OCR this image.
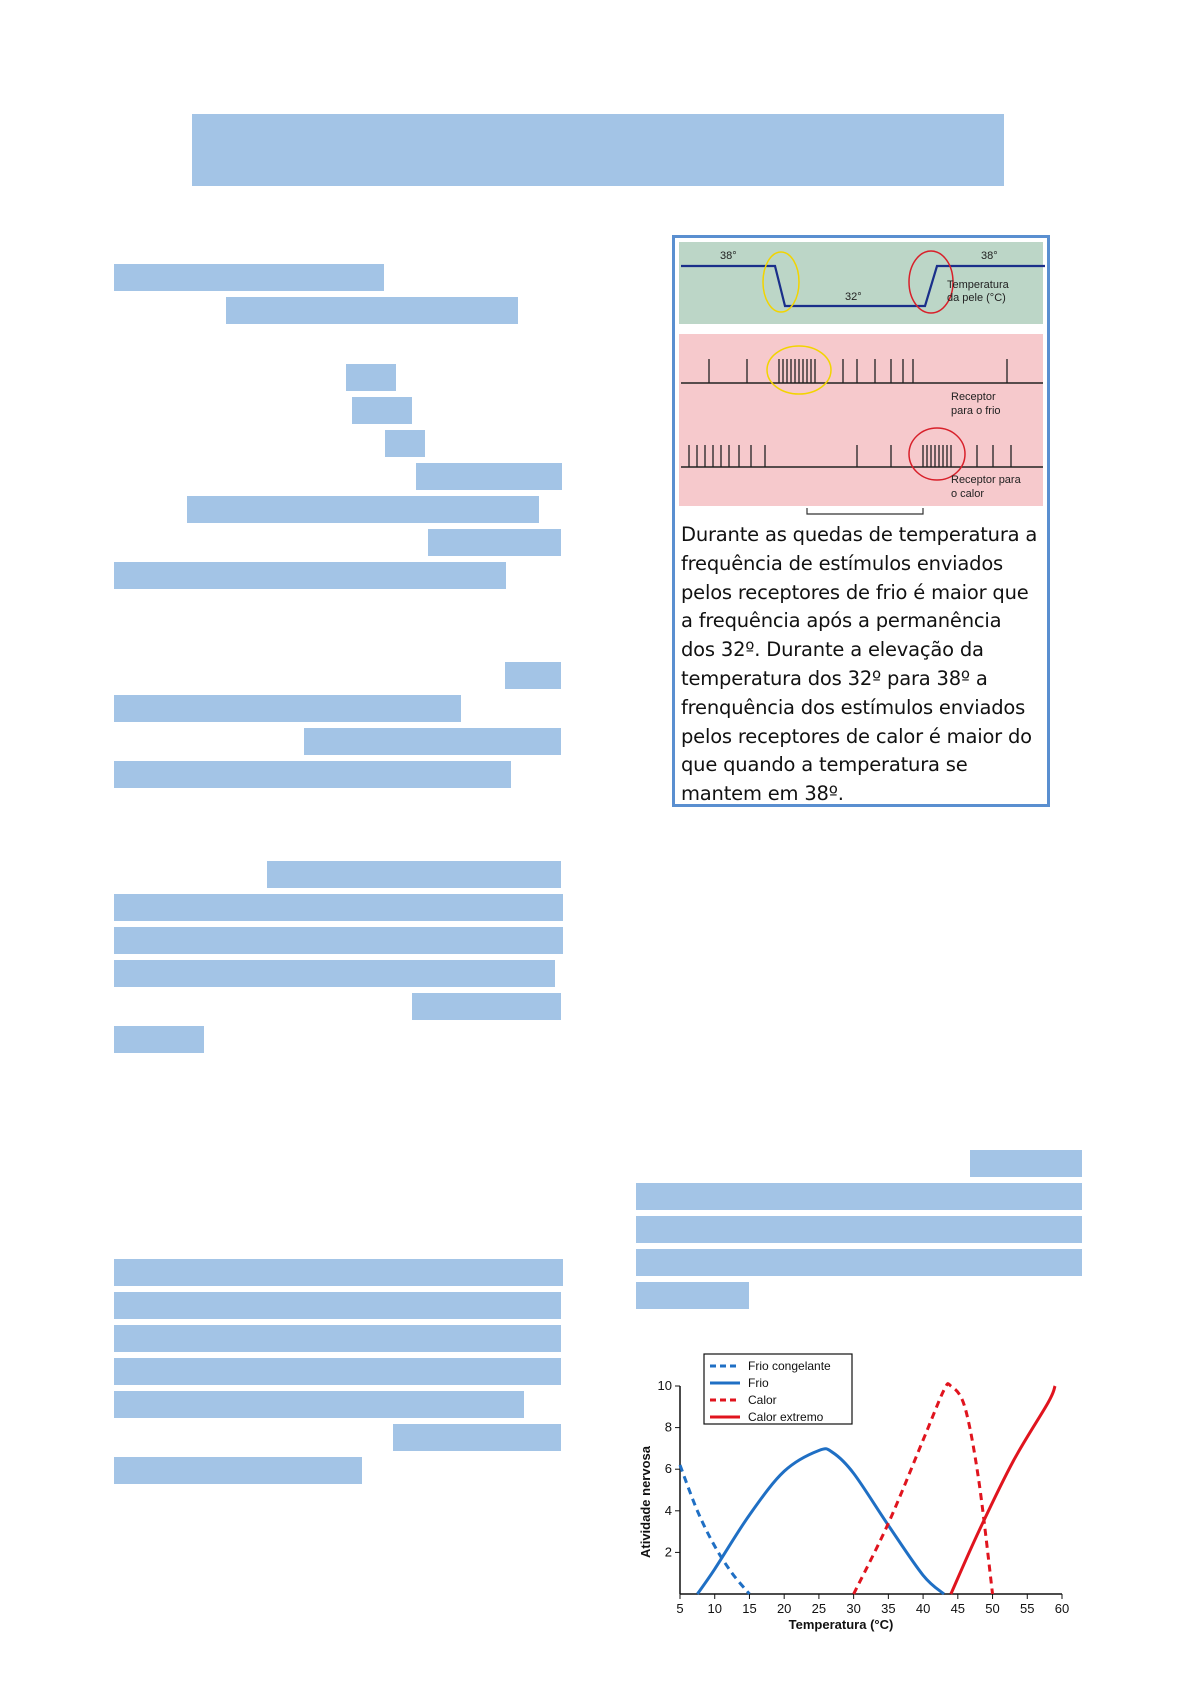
38°
32°
38°
Temperatura
da pele (°C)
Receptor
para o frio
Receptor para
o calor
Durante as quedas de temperatura a
frequência de estímulos enviados
pelos receptores de frio é maior que
a frequência após a permanência
dos 32º. Durante a elevação da
temperatura dos 32º para 38º a
frenquência dos estímulos enviados
pelos receptores de calor é maior do
que quando a temperatura se
mantem em 38º.
5 10 15 20 25 30 35 40 45 50 55 60
2
4
6
8
10
Temperatura (°C)
Atividade nervosa
Frio congelante
Frio
Calor
Calor extremo
